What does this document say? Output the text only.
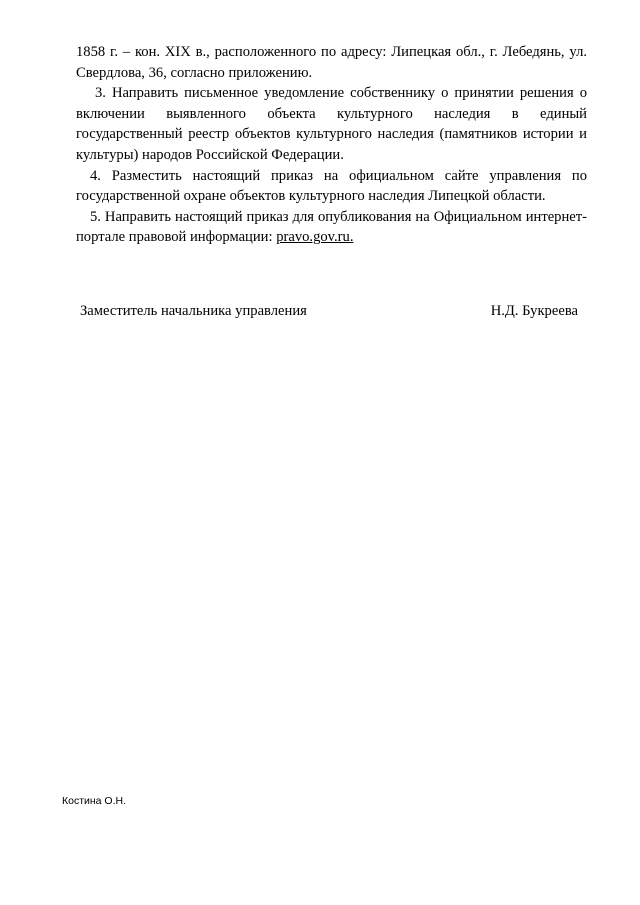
1858 г. – кон. XIX в., расположенного по адресу: Липецкая обл., г. Лебедянь, ул. Свердлова, 36, согласно приложению.

3. Направить письменное уведомление собственнику о принятии решения о включении выявленного объекта культурного наследия в единый государственный реестр объектов культурного наследия (памятников истории и культуры) народов Российской Федерации.

4. Разместить настоящий приказ на официальном сайте управления по государственной охране объектов культурного наследия Липецкой области.

5. Направить настоящий приказ для опубликования на Официальном интернет-портале правовой информации: pravo.gov.ru.

Заместитель начальника управления	Н.Д. Букреева
Костина О.Н.
